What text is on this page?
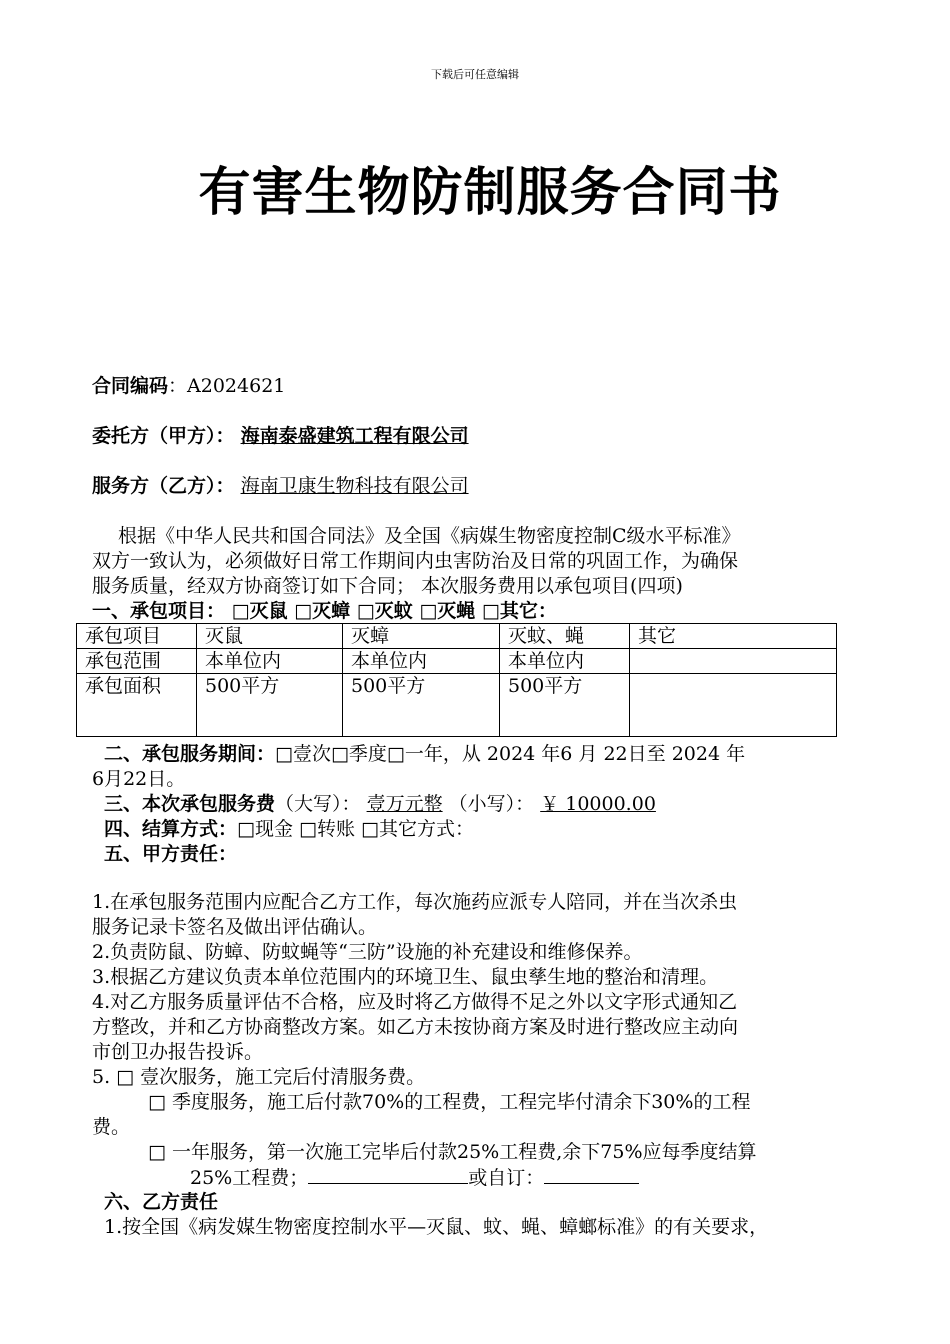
下载后可任意编辑
有害生物防制服务合同书
合同编码：A2024621
委托方（甲方）： 海南泰盛建筑工程有限公司
服务方（乙方）： 海南卫康生物科技有限公司
根据《中华人民共和国合同法》及全国《病媒生物密度控制C级水平标准》
双方一致认为，必须做好日常工作期间内虫害防治及日常的巩固工作，为确保
服务质量，经双方协商签订如下合同； 本次服务费用以承包项目(四项)
一、承包项目： □灭鼠 □灭蟑 □灭蚊 □灭蝇 □其它：
承包项目	灭鼠	灭蟑	灭蚊、蝇	其它
承包范围	本单位内	本单位内	本单位内	
承包面积	500平方	500平方	500平方	
二、承包服务期间：□壹次□季度□一年，从 2024 年6 月 22日至 2024 年
6月22日。
三、本次承包服务费（大写）： 壹万元整 （小写）： ￥ 10000.00
四、结算方式：□现金 □转账 □其它方式：
五、甲方责任：
1.在承包服务范围内应配合乙方工作，每次施药应派专人陪同，并在当次杀虫
服务记录卡签名及做出评估确认。
2.负责防鼠、防蟑、防蚊蝇等“三防”设施的补充建设和维修保养。
3.根据乙方建议负责本单位范围内的环境卫生、鼠虫孳生地的整治和清理。
4.对乙方服务质量评估不合格，应及时将乙方做得不足之外以文字形式通知乙
方整改，并和乙方协商整改方案。如乙方未按协商方案及时进行整改应主动向
市创卫办报告投诉。
5. □ 壹次服务，施工完后付清服务费。
□ 季度服务，施工后付款70%的工程费，工程完毕付清余下30%的工程
费。
□ 一年服务，第一次施工完毕后付款25%工程费,余下75%应每季度结算
25%工程费；	或自订：
六、乙方责任
1.按全国《病发媒生物密度控制水平—灭鼠、蚊、蝇、蟑螂标准》的有关要求，
